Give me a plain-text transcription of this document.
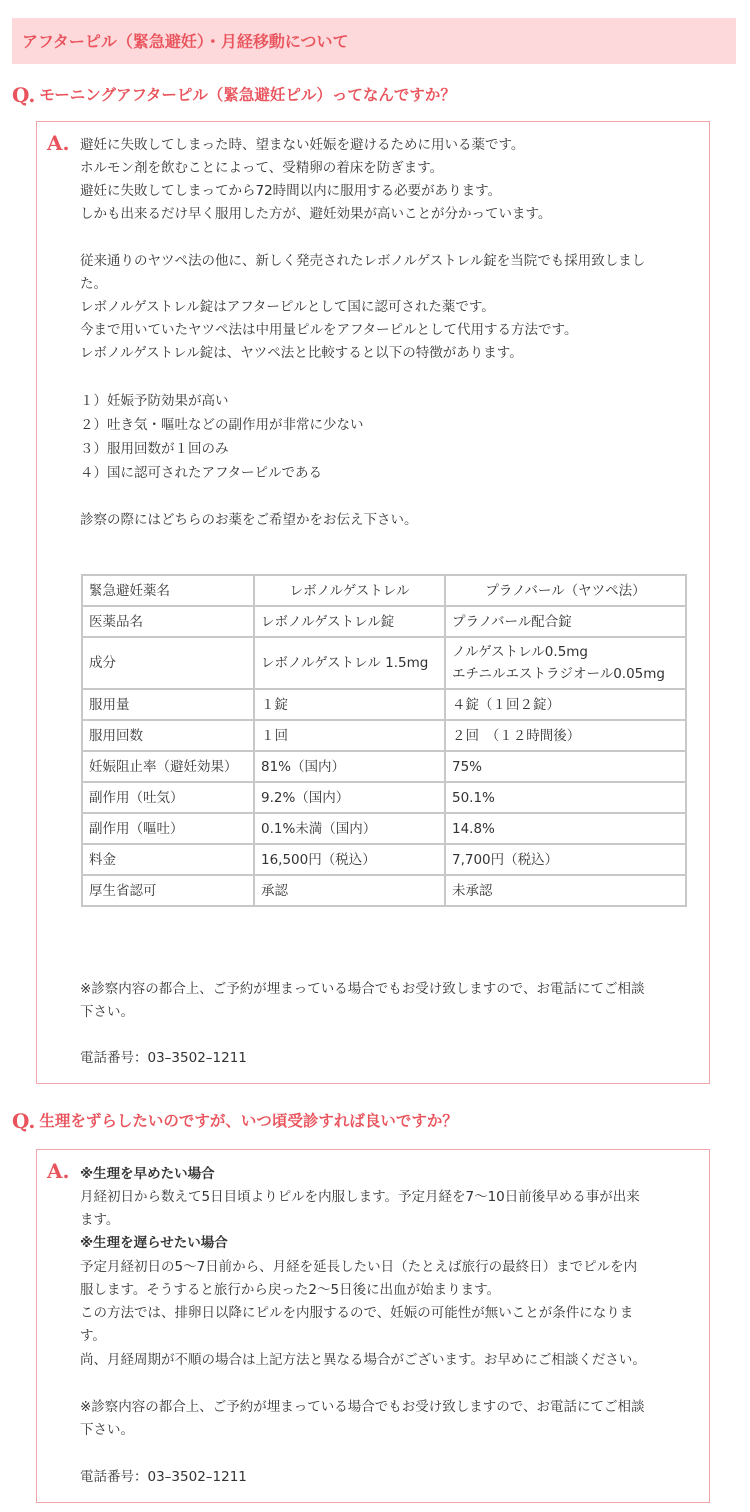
アフターピル（緊急避妊）・月経移動について
Q. モーニングアフターピル（緊急避妊ピル）ってなんですか？
A. 避妊に失敗してしまった時、望まない妊娠を避けるために用いる薬です。
ホルモン剤を飲むことによって、受精卵の着床を防ぎます。
避妊に失敗してしまってから72時間以内に服用する必要があります。
しかも出来るだけ早く服用した方が、避妊効果が高いことが分かっています。
従来通りのヤツペ法の他に、新しく発売されたレボノルゲストレル錠を当院でも採用致しまし
た。
レボノルゲストレル錠はアフターピルとして国に認可された薬です。
今まで用いていたヤツペ法は中用量ピルをアフターピルとして代用する方法です。
レボノルゲストレル錠は、ヤツペ法と比較すると以下の特徴があります。
１）妊娠予防効果が高い
２）吐き気・嘔吐などの副作用が非常に少ない
３）服用回数が１回のみ
４）国に認可されたアフターピルである
診察の際にはどちらのお薬をご希望かをお伝え下さい。
緊急避妊薬名	レボノルゲストレル	プラノバール（ヤツペ法）
医薬品名	レボノルゲストレル錠	プラノバール配合錠
成分	レボノルゲストレル 1.5mg	ノルゲストレル0.5mg
エチニルエストラジオール0.05mg

服用量	１錠	４錠（１回２錠）
服用回数	１回	２回　（１２時間後）
妊娠阻止率（避妊効果）	81%（国内）	75%
副作用（吐気）	9.2%（国内）	50.1%
副作用（嘔吐）	0.1%未満（国内）	14.8%
料金	16,500円（税込）	7,700円（税込）
厚生省認可	承認	未承認
※診察内容の都合上、ご予約が埋まっている場合でもお受け致しますので、お電話にてご相談
下さい。
電話番号：03–3502–1211
Q. 生理をずらしたいのですが、いつ頃受診すれば良いですか？
A. ※生理を早めたい場合
月経初日から数えて5日目頃よりピルを内服します。予定月経を7〜10日前後早める事が出来
ます。
※生理を遅らせたい場合
予定月経初日の5〜7日前から、月経を延長したい日（たとえば旅行の最終日）までピルを内
服します。そうすると旅行から戻った2〜5日後に出血が始まります。
この方法では、排卵日以降にピルを内服するので、妊娠の可能性が無いことが条件になりま
す。
尚、月経周期が不順の場合は上記方法と異なる場合がございます。お早めにご相談ください。
※診察内容の都合上、ご予約が埋まっている場合でもお受け致しますので、お電話にてご相談
下さい。
電話番号：03–3502–1211
